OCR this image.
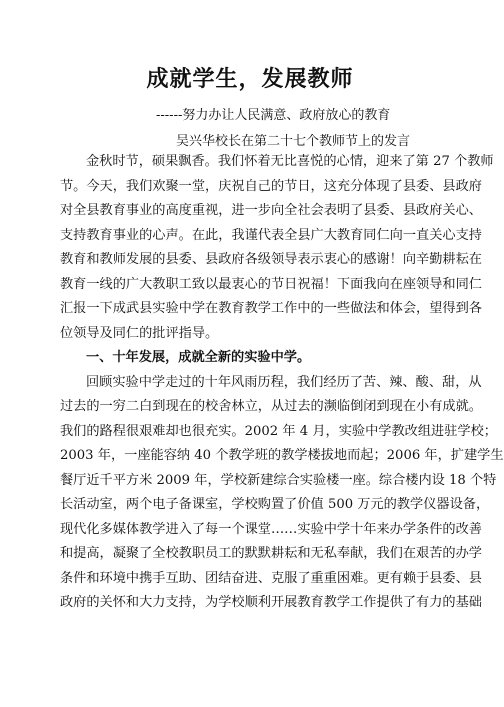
成就学生，发展教师

------努力办让人民满意、政府放心的教育

吴兴华校长在第二十七个教师节上的发言

金秋时节，硕果飘香。我们怀着无比喜悦的心情，迎来了第 27 个教师
节。今天，我们欢聚一堂，庆祝自己的节日，这充分体现了县委、县政府
对全县教育事业的高度重视，进一步向全社会表明了县委、县政府关心、
支持教育事业的心声。在此，我谨代表全县广大教育同仁向一直关心支持
教育和教师发展的县委、县政府各级领导表示衷心的感谢！向辛勤耕耘在
教育一线的广大教职工致以最衷心的节日祝福！下面我向在座领导和同仁
汇报一下成武县实验中学在教育教学工作中的一些做法和体会，望得到各
位领导及同仁的批评指导。
一、十年发展，成就全新的实验中学。
回顾实验中学走过的十年风雨历程，我们经历了苦、辣、酸、甜，从
过去的一穷二白到现在的校舍林立，从过去的濒临倒闭到现在小有成就。
我们的路程很艰难却也很充实。2002 年 4 月，实验中学教改组进驻学校；
2003 年，一座能容纳 40 个教学班的教学楼拔地而起；2006 年，扩建学生
餐厅近千平方米 2009 年，学校新建综合实验楼一座。综合楼内设 18 个特
长活动室，两个电子备课室，学校购置了价值 500 万元的教学仪器设备，
现代化多媒体教学进入了每一个课堂……实验中学十年来办学条件的改善
和提高，凝聚了全校教职员工的默默耕耘和无私奉献，我们在艰苦的办学
条件和环境中携手互助、团结奋进、克服了重重困难。更有赖于县委、县
政府的关怀和大力支持，为学校顺利开展教育教学工作提供了有力的基础
